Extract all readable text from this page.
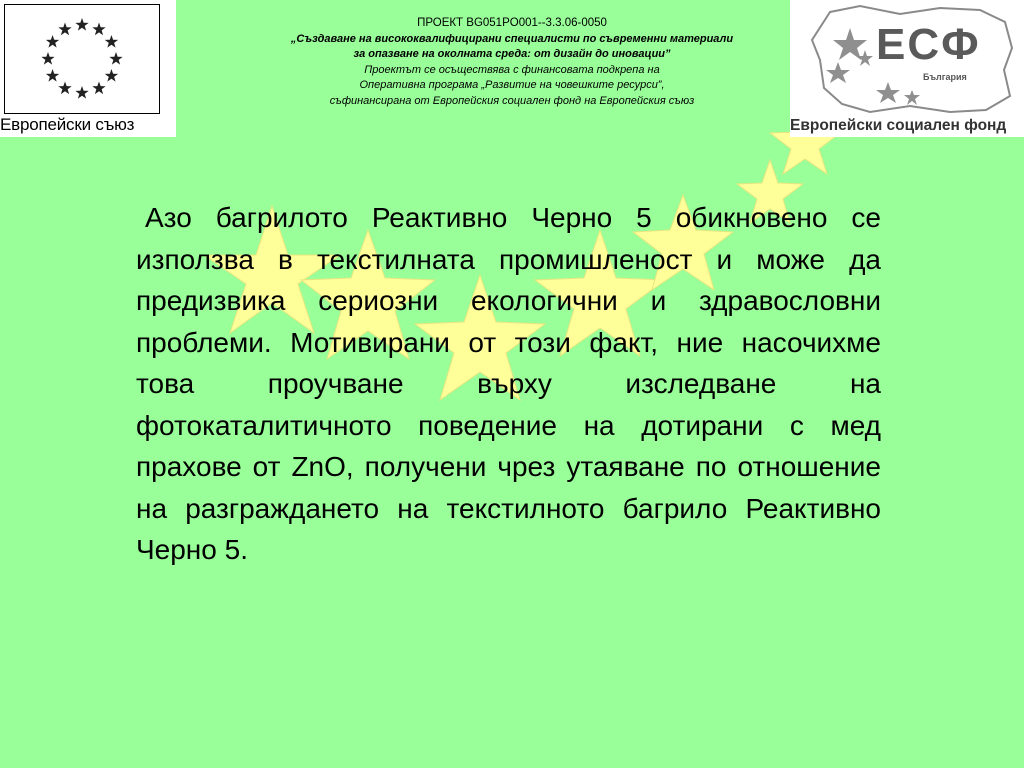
Европейски съюз
ЕСФ
България
Европейски социален фонд
ПРОЕКТ BG051PO001--3.3.06-0050
„Създаване на висококвалифицирани специалисти по съвременни материали
за опазване на околната среда: от дизайн до иновации”
Проектът се осъществява с финансовата подкрепа на
Оперативна програма „Развитие на човешките ресурси”,
съфинансирана от Европейския социален фонд на Европейския съюз

Азо багрилото Реактивно Черно 5 обикновено се използва в текстилната промишленост и може да предизвика сериозни екологични и здравословни проблеми. Мотивирани от този факт, ние насочихме това проучване върху изследване на фотокаталитичното поведение на дотирани с мед прахове от ZnO, получени чрез утаяване по отношение на разграждането на текстилното багрило Реактивно Черно 5.
